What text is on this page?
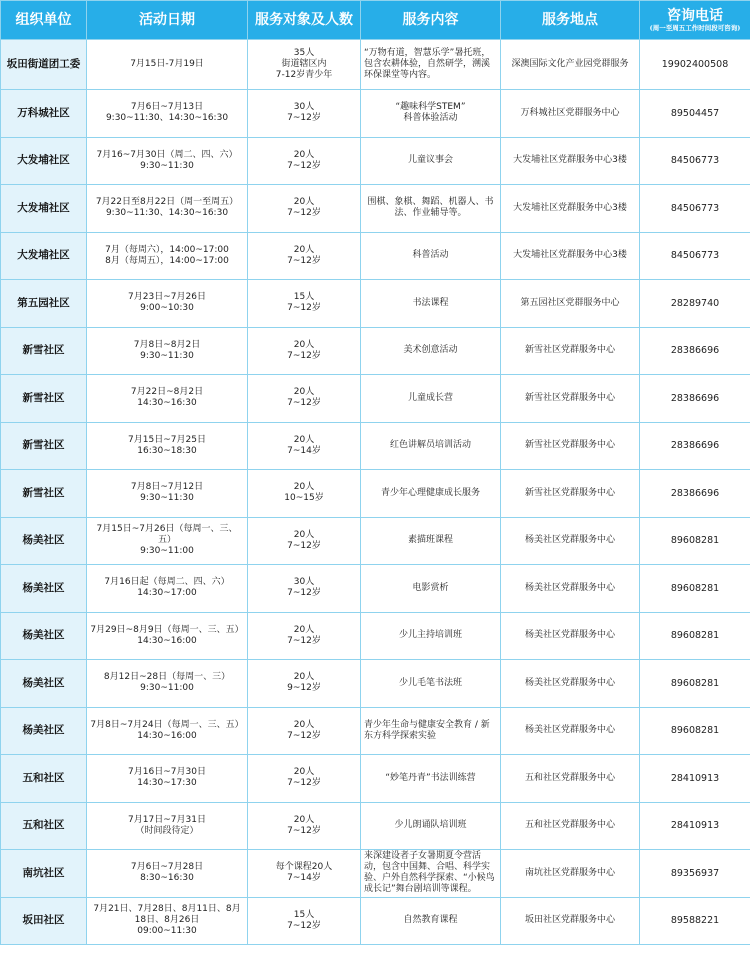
组织单位	活动日期	服务对象及人数	服务内容	服务地点	咨询电话
(周一至周五工作时间段可咨询)

坂田街道团工委	7月15日-7月19日	35人
街道辖区内
7-12岁青少年	“万物有道，智慧乐学”暑托班，包含农耕体验，自然研学，溯溪环保课堂等内容。	深澳国际文化产业园党群服务	19902400508
万科城社区	7月6日~7月13日
9:30~11:30、14:30~16:30	30人
7~12岁	“趣味科学STEM”
科普体验活动	万科城社区党群服务中心	89504457
大发埔社区	7月16~7月30日（周二、四、六）
9:30~11:30	20人
7~12岁	儿童议事会	大发埔社区党群服务中心3楼	84506773
大发埔社区	7月22日至8月22日（周一至周五）
9:30~11:30、14:30~16:30	20人
7~12岁	围棋、象棋、舞蹈、机器人、书法、作业辅导等。	大发埔社区党群服务中心3楼	84506773
大发埔社区	7月（每周六），14:00~17:00
8月（每周五），14:00~17:00	20人
7~12岁	科普活动	大发埔社区党群服务中心3楼	84506773
第五园社区	7月23日~7月26日
9:00~10:30	15人
7~12岁	书法课程	第五园社区党群服务中心	28289740
新雪社区	7月8日~8月2日
9:30~11:30	20人
7~12岁	美术创意活动	新雪社区党群服务中心	28386696
新雪社区	7月22日~8月2日
14:30~16:30	20人
7~12岁	儿童成长营	新雪社区党群服务中心	28386696
新雪社区	7月15日~7月25日
16:30~18:30	20人
7~14岁	红色讲解员培训活动	新雪社区党群服务中心	28386696
新雪社区	7月8日~7月12日
9:30~11:30	20人
10~15岁	青少年心理健康成长服务	新雪社区党群服务中心	28386696
杨美社区	7月15日~7月26日（每周一、三、五）
9:30~11:00	20人
7~12岁	素描班课程	杨美社区党群服务中心	89608281
杨美社区	7月16日起（每周二、四、六）
14:30~17:00	30人
7~12岁	电影赏析	杨美社区党群服务中心	89608281
杨美社区	7月29日~8月9日（每周一、三、五）
14:30~16:00	20人
7~12岁	少儿主持培训班	杨美社区党群服务中心	89608281
杨美社区	8月12日~28日（每周一、三）
9:30~11:00	20人
9~12岁	少儿毛笔书法班	杨美社区党群服务中心	89608281
杨美社区	7月8日~7月24日（每周一、三、五）
14:30~16:00	20人
7~12岁	青少年生命与健康安全教育 / 新东方科学探索实验	杨美社区党群服务中心	89608281
五和社区	7月16日~7月30日
14:30~17:30	20人
7~12岁	“妙笔丹青”书法训练营	五和社区党群服务中心	28410913
五和社区	7月17日~7月31日
（时间段待定）	20人
7~12岁	少儿朗诵队培训班	五和社区党群服务中心	28410913
南坑社区	7月6日~7月28日
8:30~16:30	每个课程20人
7~14岁	来深建设者子女暑期夏令营活动，包含中国舞、合唱、科学实验、户外自然科学探索、“小候鸟成长记”舞台剧培训等课程。	南坑社区党群服务中心	89356937
坂田社区	7月21日、7月28日、8月11日、8月18日、8月26日
09:00~11:30	15人
7~12岁	自然教育课程	坂田社区党群服务中心	89588221
